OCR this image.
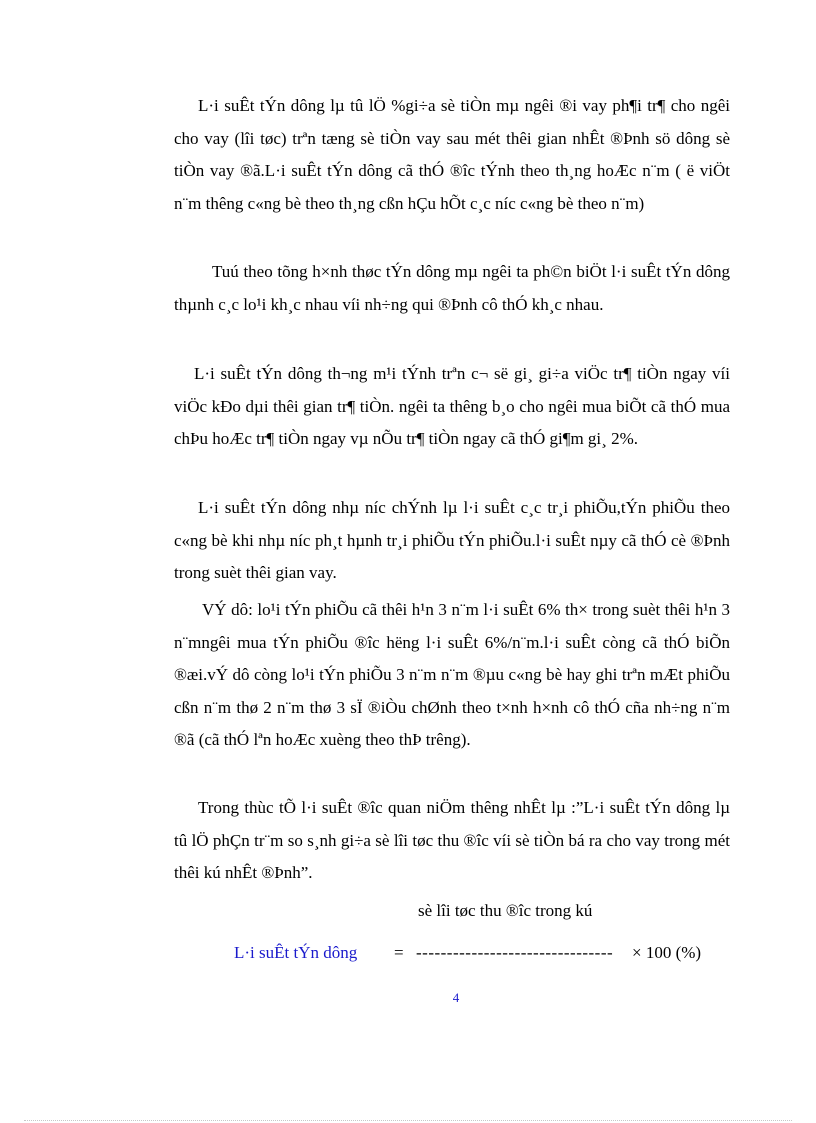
L·i suÊt tÝn dông lµ tû lÖ %gi÷a sè tiÒn mµ ngêi ®i vay ph¶i tr¶ cho ngêi cho vay (lîi tøc) trªn tæng sè tiÒn vay sau mét thêi gian nhÊt ®Þnh sö dông sè tiÒn vay ®ã.L·i suÊt tÝn dông cã thÓ ®îc tÝnh theo th¸ng hoÆc n¨m ( ë viÖt n¨m thêng c«ng bè theo th¸ng cßn hÇu hÕt c¸c níc c«ng bè theo n¨m)

Tuú theo tõng h×nh thøc tÝn dông mµ ngêi ta ph©n biÖt l·i suÊt tÝn dông thµnh c¸c lo¹i kh¸c nhau víi nh÷ng qui ®Þnh cô thÓ kh¸c nhau.

L·i suÊt tÝn dông th¬ng m¹i tÝnh trªn c¬ së gi¸ gi÷a viÖc tr¶ tiÒn ngay víi viÖc kÐo dµi thêi gian tr¶ tiÒn. ngêi ta thêng b¸o cho ngêi mua biÕt cã thÓ mua chÞu hoÆc tr¶ tiÒn ngay vµ nÕu tr¶ tiÒn ngay cã thÓ gi¶m gi¸ 2%.

L·i suÊt tÝn dông nhµ níc chÝnh lµ l·i suÊt c¸c tr¸i phiÕu,tÝn phiÕu theo c«ng bè khi nhµ níc ph¸t hµnh tr¸i phiÕu tÝn phiÕu.l·i suÊt nµy cã thÓ cè ®Þnh trong suèt thêi gian vay.

VÝ dô: lo¹i tÝn phiÕu cã thêi h¹n 3 n¨m l·i suÊt 6% th× trong suèt thêi h¹n 3 n¨mngêi mua tÝn phiÕu ®îc hëng l·i suÊt 6%/n¨m.l·i suÊt còng cã thÓ biÕn ®æi.vÝ dô còng lo¹i tÝn phiÕu 3 n¨m n¨m ®µu c«ng bè hay ghi trªn mÆt phiÕu cßn n¨m thø 2 n¨m thø 3 sÏ ®iÒu chØnh theo t×nh h×nh cô thÓ cña nh÷ng n¨m ®ã (cã thÓ lªn hoÆc xuèng theo thÞ trêng).

Trong thùc tÕ l·i suÊt ®îc quan niÖm thêng nhÊt lµ :”L·i suÊt tÝn dông lµ tû lÖ phÇn tr¨m so s¸nh gi÷a sè lîi tøc thu ®îc víi sè tiÒn bá ra cho vay trong mét thêi kú nhÊt ®Þnh”.

sè lîi tøc thu ®îc trong kú
L·i suÊt tÝn dông = -------------------------------- × 100 (%)
4
